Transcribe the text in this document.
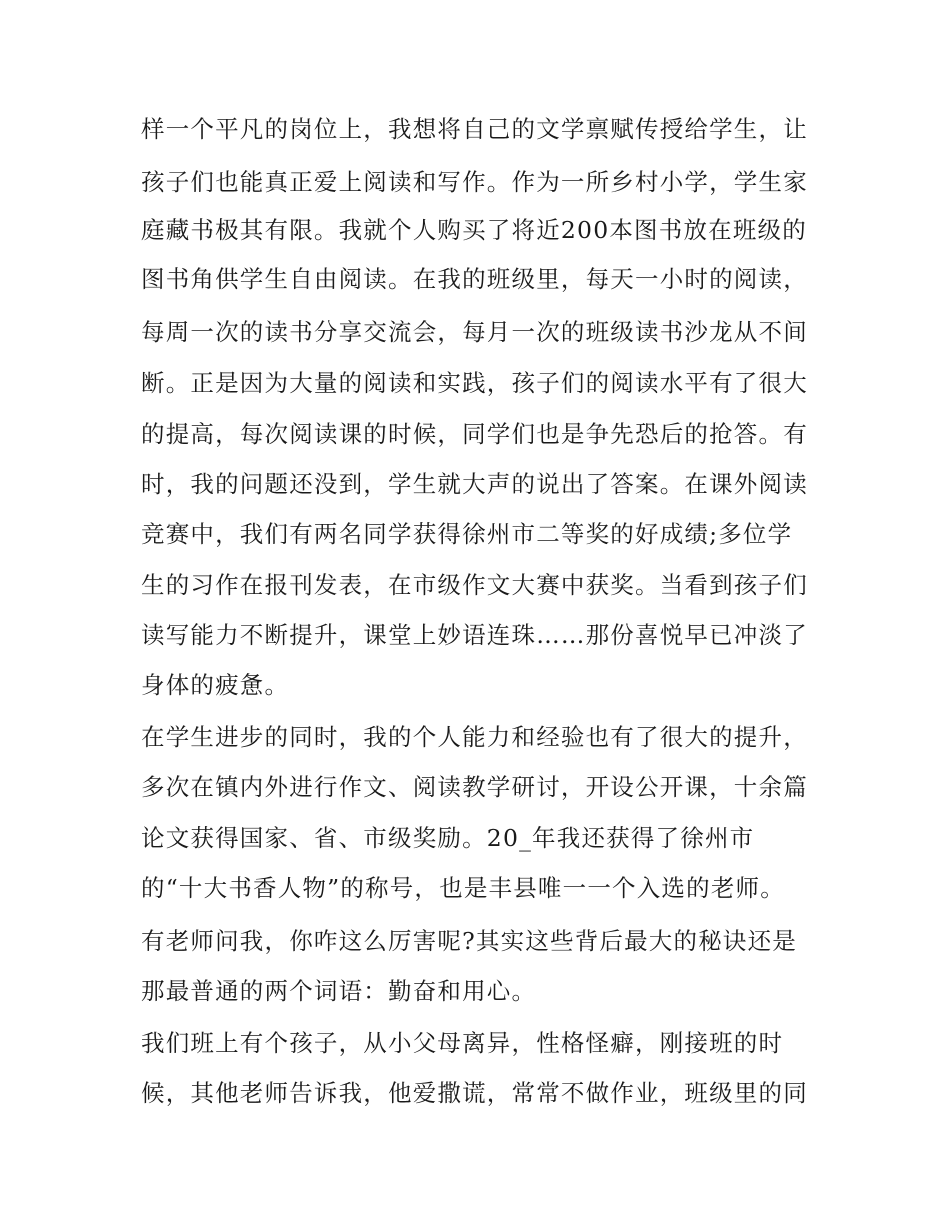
样一个平凡的岗位上，我想将自己的文学禀赋传授给学生，让
孩子们也能真正爱上阅读和写作。作为一所乡村小学，学生家
庭藏书极其有限。我就个人购买了将近200本图书放在班级的
图书角供学生自由阅读。在我的班级里，每天一小时的阅读，
每周一次的读书分享交流会，每月一次的班级读书沙龙从不间
断。正是因为大量的阅读和实践，孩子们的阅读水平有了很大
的提高，每次阅读课的时候，同学们也是争先恐后的抢答。有
时，我的问题还没到，学生就大声的说出了答案。在课外阅读
竞赛中，我们有两名同学获得徐州市二等奖的好成绩;多位学
生的习作在报刊发表，在市级作文大赛中获奖。当看到孩子们
读写能力不断提升，课堂上妙语连珠……那份喜悦早已冲淡了
身体的疲惫。
在学生进步的同时，我的个人能力和经验也有了很大的提升，
多次在镇内外进行作文、阅读教学研讨，开设公开课，十余篇
论文获得国家、省、市级奖励。20_年我还获得了徐州市
的“十大书香人物”的称号，也是丰县唯一一个入选的老师。
有老师问我，你咋这么厉害呢?其实这些背后最大的秘诀还是
那最普通的两个词语：勤奋和用心。
我们班上有个孩子，从小父母离异，性格怪癖，刚接班的时
候，其他老师告诉我，他爱撒谎，常常不做作业，班级里的同
